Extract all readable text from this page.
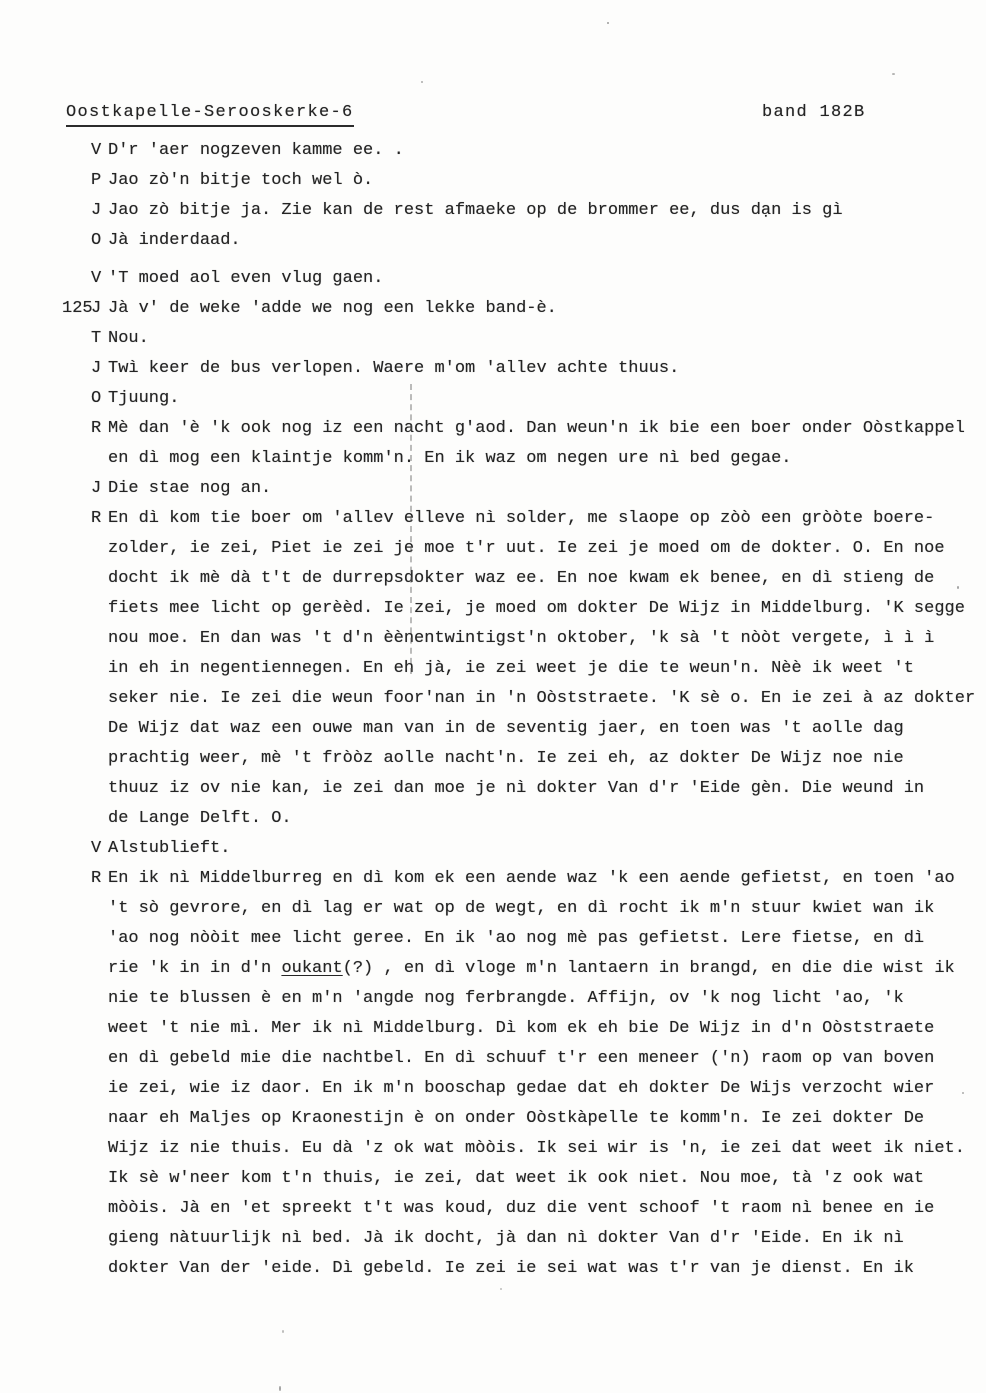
Oostkapelle-Serooskerke-6	band 182B
V D'r 'aer nogzeven kamme ee. .
P Jao zò'n bitje toch wel ò.
J Jao zò bitje ja. Zie kan de rest afmaeke op de brommer ee, dus dạn is gì
O Jà inderdaad.
V 'T moed aol even vlug gaen.
125
J Jà v' de weke 'adde we nog een lekke band-è.
T Nou.
J Twì keer de bus verlopen. Waere m'om 'allev achte thuus.
O Tjuung.
R Mè dan 'è 'k ook nog iz een nacht g'aod. Dan weun'n ik bie een boer onder Oòstkappel
en dì mog een klaintje komm'n. En ik waz om negen ure nì bed gegae.
J Die stae nog an.
R En dì kom tie boer om 'allev elleve nì solder, me slaope op zòò een gròòte boere-
zolder, ie zei, Piet ie zei je moe t'r uut. Ie zei je moed om de dokter. O. En noe
docht ik mè dà t't de durrepsdokter waz ee. En noe kwam ek benee, en dì stieng de
fiets mee licht op gerèèd. Ie zei, je moed om dokter De Wijz in Middelburg. 'K segge
nou moe. En dan was 't d'n èènentwintigst'n oktober, 'k sà 't nòòt vergete, ì ì ì
in eh in negentiennegen. En eh jà, ie zei weet je die te weun'n. Nèè ik weet 't
seker nie. Ie zei die weun foor'nan in 'n Oòststraete. 'K sè o. En ie zei à az dokter
De Wijz dat waz een ouwe man van in de seventig jaer, en toen was 't aolle dag
prachtig weer, mè 't fròòz aolle nacht'n. Ie zei eh, az dokter De Wijz noe nie
thuuz iz ov nie kan, ie zei dan moe je nì dokter Van d'r 'Eide gèn. Die weund in
de Lange Delft. O.
V Alstublieft.
R En ik nì Middelburreg en dì kom ek een aende waz 'k een aende gefietst, en toen 'ao
't sò gevrore, en dì lag er wat op de wegt, en dì rocht ik m'n stuur kwiet wan ik
'ao nog nòòit mee licht geree. En ik 'ao nog mè pas gefietst. Lere fietse, en dì
rie 'k in in d'n oukant(?) , en dì vloge m'n lantaern in brangd, en die die wist ik
nie te blussen è en m'n 'angde nog ferbrangde. Affijn, ov 'k nog licht 'ao, 'k
weet 't nie mì. Mer ik nì Middelburg. Dì kom ek eh bie De Wijz in d'n Oòststraete
en dì gebeld mie die nachtbel. En dì schuuf t'r een meneer ('n) raom op van boven
ie zei, wie iz daor. En ik m'n booschap gedae dat eh dokter De Wijs verzocht wier
naar eh Maljes op Kraonestijn è on onder Oòstkàpelle te komm'n. Ie zei dokter De
Wijz iz nie thuis. Eu dà 'z ok wat mòòis. Ik sei wir is 'n, ie zei dat weet ik niet.
Ik sè w'neer kom t'n thuis, ie zei, dat weet ik ook niet. Nou moe, tà 'z ook wat
mòòis. Jà en 'et spreekt t't was koud, duz die vent schoof 't raom nì benee en ie
gieng nàtuurlijk nì bed. Jà ik docht, jà dan nì dokter Van d'r 'Eide. En ik nì
dokter Van der 'eide. Dì gebeld. Ie zei ie sei wat was t'r van je dienst. En ik
